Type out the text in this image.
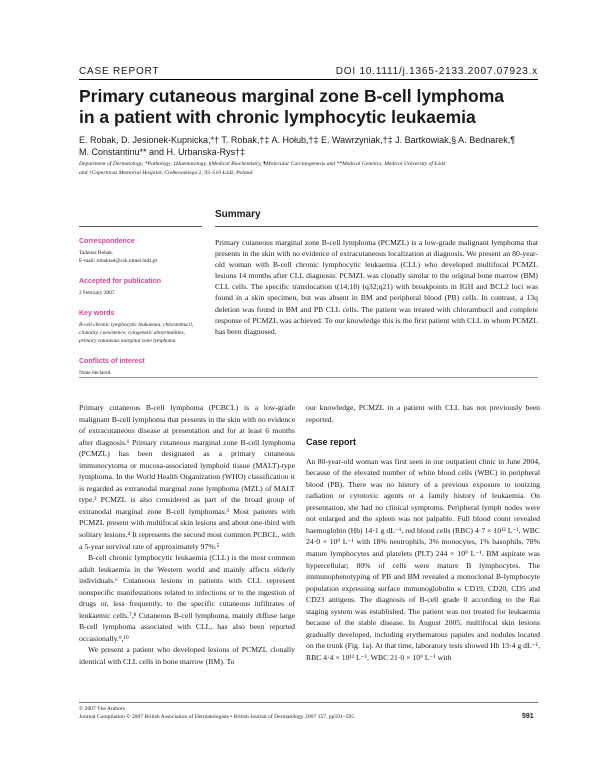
CASE REPORT	DOI 10.1111/j.1365-2133.2007.07923.x
Primary cutaneous marginal zone B-cell lymphoma
in a patient with chronic lymphocytic leukaemia
E. Robak, D. Jesionek-Kupnicka,*† T. Robak,†‡ A. Hołub,†‡ E. Wawrzyniak,†‡ J. Bartkowiak,§ A. Bednarek,¶
M. Constantinu** and H. Urbanska-Rys†‡
Department of Dermatology, *Pathology, ‡Haematology, §Medical Biochemistry, ¶Molecular Carcinogenesis and **Medical Genetics, Medical University of Łódź
and †Copernicus Memorial Hospital, Ciołkowskiego 2, 93–510 Łódź, Poland
Summary
Correspondence
Tadeusz Robak.
E-mail: robaktad@csk.umed.lodz.pl
Accepted for publication
2 February 2007
Key words
B-cell chronic lymphocytic leukaemia, chlorambucil, clonality, coexistence, cytogenetic abnormalities, primary cutaneous marginal zone lymphoma
Conflicts of interest
None declared.

Primary cutaneous marginal zone B-cell lymphoma (PCMZL) is a low-grade malignant lymphoma that presents in the skin with no evidence of extracutaneous localization at diagnosis. We present an 80-year-old woman with B-cell chronic lymphocytic leukaemia (CLL) who developed multifocal PCMZL lesions 14 months after CLL diagnosis. PCMZL was clonally similar to the original bone marrow (BM) CLL cells. The specific translocation t(14;18) (q32;q21) with breakpoints in IGH and BCL2 loci was found in a skin specimen, but was absent in BM and peripheral blood (PB) cells. In contrast, a 13q deletion was found in BM and PB CLL cells. The patient was treated with chlorambucil and complete response of PCMZL was achieved. To our knowledge this is the first patient with CLL in whom PCMZL has been diagnosed.

Primary cutaneous B-cell lymphoma (PCBCL) is a low-grade malignant B-cell lymphoma that presents in the skin with no evidence of extracutaneous disease at presentation and for at least 6 months after diagnosis.¹ Primary cutaneous marginal zone B-cell lymphoma (PCMZL) has been designated as a primary cutaneous immunocytoma or mucosa-associated lymphoid tissue (MALT)-type lymphoma. In the World Health Organization (WHO) classification it is regarded as extranodal marginal zone lymphoma (MZL) of MALT type.² PCMZL is also considered as part of the broad group of extranodal marginal zone B-cell lymphomas.³ Most patients with PCMZL present with multifocal skin lesions and about one-third with solitary lesions.⁴ It represents the second most common PCBCL, with a 5-year survival rate of approximately 97%.⁵

B-cell chronic lymphocytic leukaemia (CLL) is the most common adult leukaemia in the Western world and mainly affects elderly individuals.⁶ Cutaneous lesions in patients with CLL represent nonspecific manifestations related to infections or to the ingestion of drugs or, less frequently, to the specific cutaneous infiltrates of leukaemic cells.⁷,⁸ Cutaneous B-cell lymphoma, mainly diffuse large B-cell lymphoma associated with CLL, has also been reported occasionally.⁹,¹⁰

We present a patient who developed lesions of PCMZL clonally identical with CLL cells in bone marrow (BM). To

our knowledge, PCMZL in a patient with CLL has not previously been reported.

Case report

An 80-year-old woman was first seen in our outpatient clinic in June 2004, because of the elevated number of white blood cells (WBC) in peripheral blood (PB). There was no history of a previous exposure to ionizing radiation or cytotoxic agents or a family history of leukaemia. On presentation, she had no clinical symptoms. Peripheral lymph nodes were not enlarged and the spleen was not palpable. Full blood count revealed haemoglobin (Hb) 14·1 g dL⁻¹, red blood cells (RBC) 4·7 × 10¹² L⁻¹, WBC 24·0 × 10⁹ L⁻¹ with 18% neutrophils, 3% monocytes, 1% basophils, 78% mature lymphocytes and platelets (PLT) 244 × 10⁹ L⁻¹. BM aspirate was hypercellular; 80% of cells were mature B lymphocytes. The immunophenotyping of PB and BM revealed a monoclonal B-lymphocyte population expressing surface immunoglobulin κ CD19, CD20, CD5 and CD23 antigens. The diagnosis of B-cell grade 0 according to the Rai staging system was established. The patient was not treated for leukaemia because of the stable disease. In August 2005, multifocal skin lesions gradually developed, including erythematous papules and nodules located on the trunk (Fig. 1a). At that time, laboratory tests showed Hb 13·4 g dL⁻¹, RBC 4·4 × 10¹² L⁻¹, WBC 21·0 × 10⁹ L⁻¹ with

© 2007 The Authors
Journal Compilation © 2007 British Association of Dermatologists • British Journal of Dermatology 2007 157, pp591–595	591
